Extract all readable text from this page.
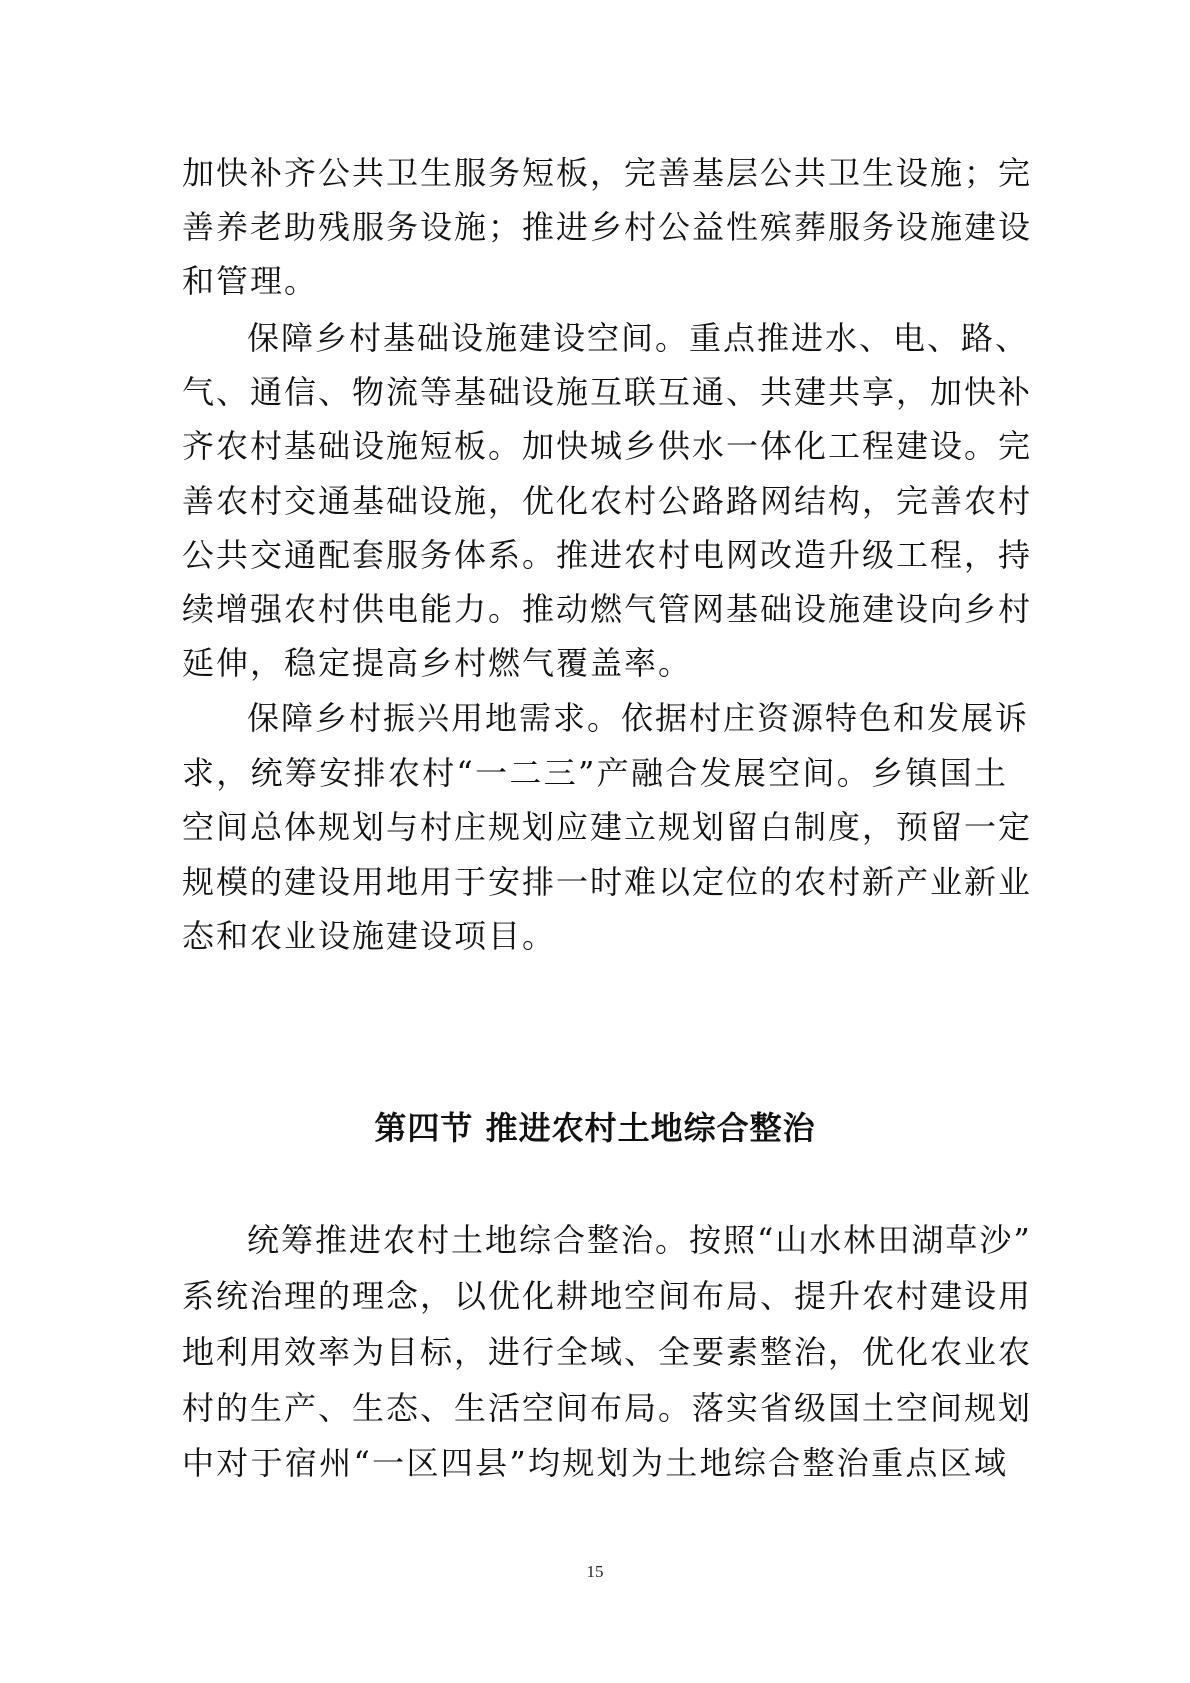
加快补齐公共卫生服务短板，完善基层公共卫生设施；完
善养老助残服务设施；推进乡村公益性殡葬服务设施建设
和管理。
保障乡村基础设施建设空间。重点推进水、电、路、
气、通信、物流等基础设施互联互通、共建共享，加快补
齐农村基础设施短板。加快城乡供水一体化工程建设。完
善农村交通基础设施，优化农村公路路网结构，完善农村
公共交通配套服务体系。推进农村电网改造升级工程，持
续增强农村供电能力。推动燃气管网基础设施建设向乡村
延伸，稳定提高乡村燃气覆盖率。
保障乡村振兴用地需求。依据村庄资源特色和发展诉
求，统筹安排农村“一二三”产融合发展空间。乡镇国土
空间总体规划与村庄规划应建立规划留白制度，预留一定
规模的建设用地用于安排一时难以定位的农村新产业新业
态和农业设施建设项目。
第四节 推进农村土地综合整治
统筹推进农村土地综合整治。按照“山水林田湖草沙”
系统治理的理念，以优化耕地空间布局、提升农村建设用
地利用效率为目标，进行全域、全要素整治，优化农业农
村的生产、生态、生活空间布局。落实省级国土空间规划
中对于宿州“一区四县”均规划为土地综合整治重点区域
15
